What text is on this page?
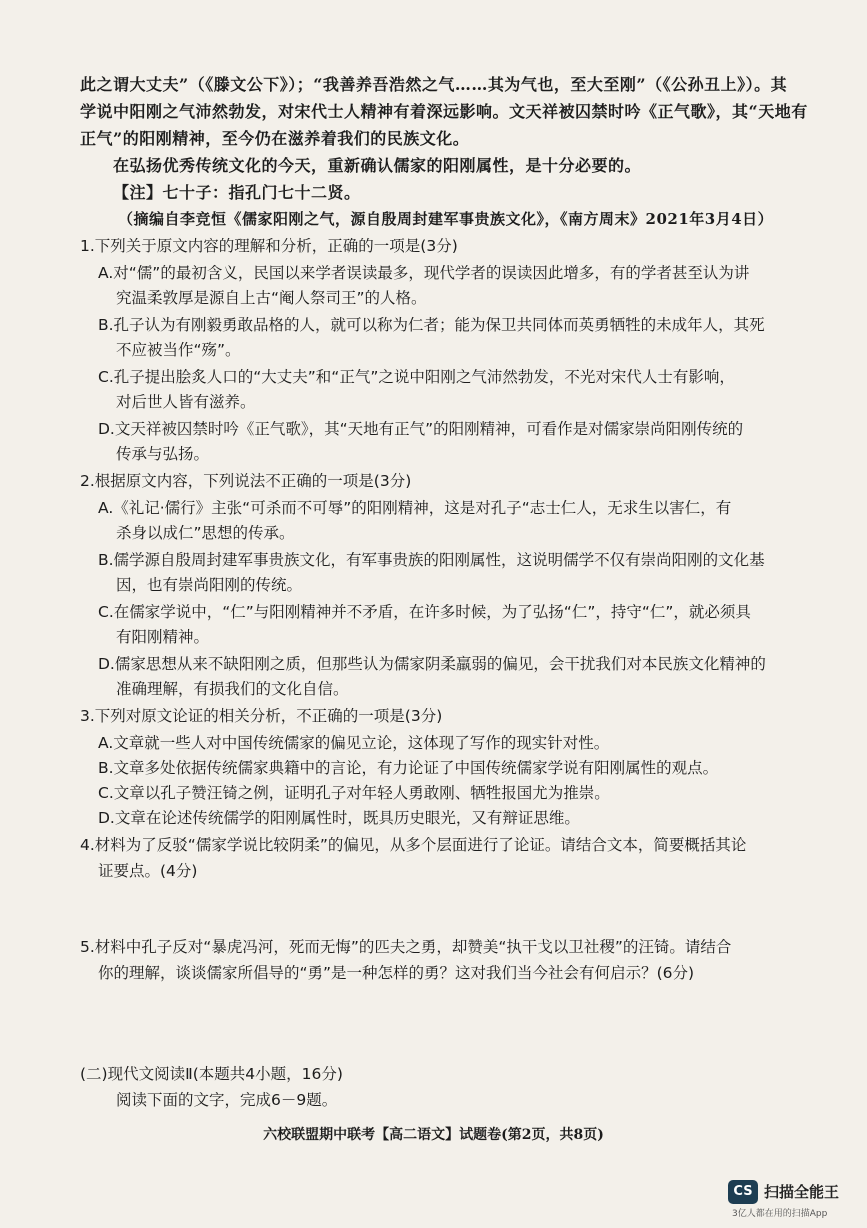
此之谓大丈夫”（《滕文公下》）；“我善养吾浩然之气……其为气也，至大至刚”（《公孙丑上》）。其
学说中阳刚之气沛然勃发，对宋代士人精神有着深远影响。文天祥被囚禁时吟《正气歌》，其“天地有
正气”的阳刚精神，至今仍在滋养着我们的民族文化。
在弘扬优秀传统文化的今天，重新确认儒家的阳刚属性，是十分必要的。
【注】七十子：指孔门七十二贤。
（摘编自李竞恒《儒家阳刚之气，源自殷周封建军事贵族文化》，《南方周末》2021年3月4日）
1.下列关于原文内容的理解和分析，正确的一项是(3分)
A.对“儒”的最初含义，民国以来学者误读最多，现代学者的误读因此增多，有的学者甚至认为讲
究温柔敦厚是源自上古“阉人祭司王”的人格。
B.孔子认为有刚毅勇敢品格的人，就可以称为仁者；能为保卫共同体而英勇牺牲的未成年人，其死
不应被当作“殇”。
C.孔子提出脍炙人口的“大丈夫”和“正气”之说中阳刚之气沛然勃发，不光对宋代人士有影响，
对后世人皆有滋养。
D.文天祥被囚禁时吟《正气歌》，其“天地有正气”的阳刚精神，可看作是对儒家崇尚阳刚传统的
传承与弘扬。
2.根据原文内容，下列说法不正确的一项是(3分)
A.《礼记·儒行》主张“可杀而不可辱”的阳刚精神，这是对孔子“志士仁人，无求生以害仁，有
杀身以成仁”思想的传承。
B.儒学源自殷周封建军事贵族文化，有军事贵族的阳刚属性，这说明儒学不仅有崇尚阳刚的文化基
因，也有崇尚阳刚的传统。
C.在儒家学说中，“仁”与阳刚精神并不矛盾，在许多时候，为了弘扬“仁”，持守“仁”，就必须具
有阳刚精神。
D.儒家思想从来不缺阳刚之质，但那些认为儒家阴柔羸弱的偏见，会干扰我们对本民族文化精神的
准确理解，有损我们的文化自信。
3.下列对原文论证的相关分析，不正确的一项是(3分)
A.文章就一些人对中国传统儒家的偏见立论，这体现了写作的现实针对性。
B.文章多处依据传统儒家典籍中的言论，有力论证了中国传统儒家学说有阳刚属性的观点。
C.文章以孔子赞汪锜之例，证明孔子对年轻人勇敢刚、牺牲报国尤为推崇。
D.文章在论述传统儒学的阳刚属性时，既具历史眼光，又有辩证思维。
4.材料为了反驳“儒家学说比较阴柔”的偏见，从多个层面进行了论证。请结合文本，简要概括其论
证要点。(4分)
5.材料中孔子反对“暴虎冯河，死而无悔”的匹夫之勇，却赞美“执干戈以卫社稷”的汪锜。请结合
你的理解，谈谈儒家所倡导的“勇”是一种怎样的勇？这对我们当今社会有何启示？(6分)
(二)现代文阅读Ⅱ(本题共4小题，16分)
阅读下面的文字，完成6－9题。
六校联盟期中联考【高二语文】试题卷(第2页，共8页)
CS 扫描全能王
3亿人都在用的扫描App
